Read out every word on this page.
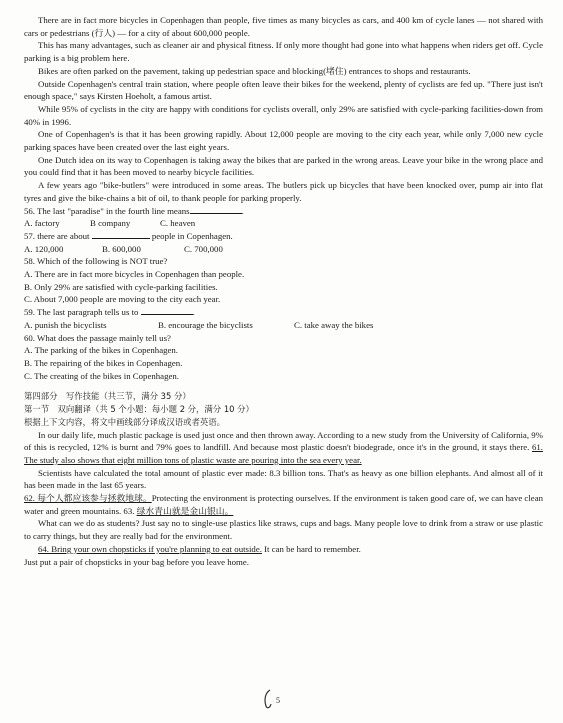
There are in fact more bicycles in Copenhagen than people, five times as many bicycles as cars, and 400 km of cycle lanes — not shared with cars or pedestrians (行人) — for a city of about 600,000 people.

This has many advantages, such as cleaner air and physical fitness. If only more thought had gone into what happens when riders get off. Cycle parking is a big problem here.

Bikes are often parked on the pavement, taking up pedestrian space and blocking(堵住) entrances to shops and restaurants.

Outside Copenhagen's central train station, where people often leave their bikes for the weekend, plenty of cyclists are fed up. "There just isn't enough space," says Kirsten Hoeholt, a famous artist.

While 95% of cyclists in the city are happy with conditions for cyclists overall, only 29% are satisfied with cycle-parking facilities-down from 40% in 1996.

One of Copenhagen's is that it has been growing rapidly. About 12,000 people are moving to the city each year, while only 7,000 new cycle parking spaces have been created over the last eight years.

One Dutch idea on its way to Copenhagen is taking away the bikes that are parked in the wrong areas. Leave your bike in the wrong place and you could find that it has been moved to nearby bicycle facilities.

A few years ago "bike-butlers" were introduced in some areas. The butlers pick up bicycles that have been knocked over, pump air into flat tyres and give the bike-chains a bit of oil, to thank people for parking properly.

56. The last "paradise" in the fourth line means	.

A. factory	B company	C. heaven

57. there are about	people in Copenhagen.

A. 120,000	B. 600,000	C. 700,000

58. Which of the following is NOT true?

A. There are in fact more bicycles in Copenhagen than people.

B. Only 29% are satisfied with cycle-parking facilities.

C. About 7,000 people are moving to the city each year.

59. The last paragraph tells us to	.

A. punish the bicyclists	B. encourage the bicyclists	C. take away the bikes

60. What does the passage mainly tell us?

A. The parking of the bikes in Copenhagen.

B. The repairing of the bikes in Copenhagen.

C. The creating of the bikes in Copenhagen.

第四部分　写作技能（共三节，满分 35 分）

第一节　双向翻译（共 5 个小题：每小题 2 分，满分 10 分）

根据上下文内容，将文中画线部分译成汉语或者英语。

In our daily life, much plastic package is used just once and then thrown away. According to a new study from the University of California, 9% of this is recycled, 12% is burnt and 79% goes to landfill. And because most plastic doesn't biodegrade, once it's in the ground, it stays there. 61. The study also shows that eight million tons of plastic waste are pouring into the sea every year.

Scientists have calculated the total amount of plastic ever made: 8.3 billion tons. That's as heavy as one billion elephants. And almost all of it has been made in the last 65 years.

62. 每个人都应该参与拯救地球。Protecting the environment is protecting ourselves. If the environment is taken good care of, we can have clean water and green mountains. 63. 绿水青山就是金山银山。

What can we do as students? Just say no to single-use plastics like straws, cups and bags. Many people love to drink from a straw or use plastic to carry things, but they are really bad for the environment.

64. Bring your own chopsticks if you're planning to eat outside. It can be hard to remember.

Just put a pair of chopsticks in your bag before you leave home.

5
